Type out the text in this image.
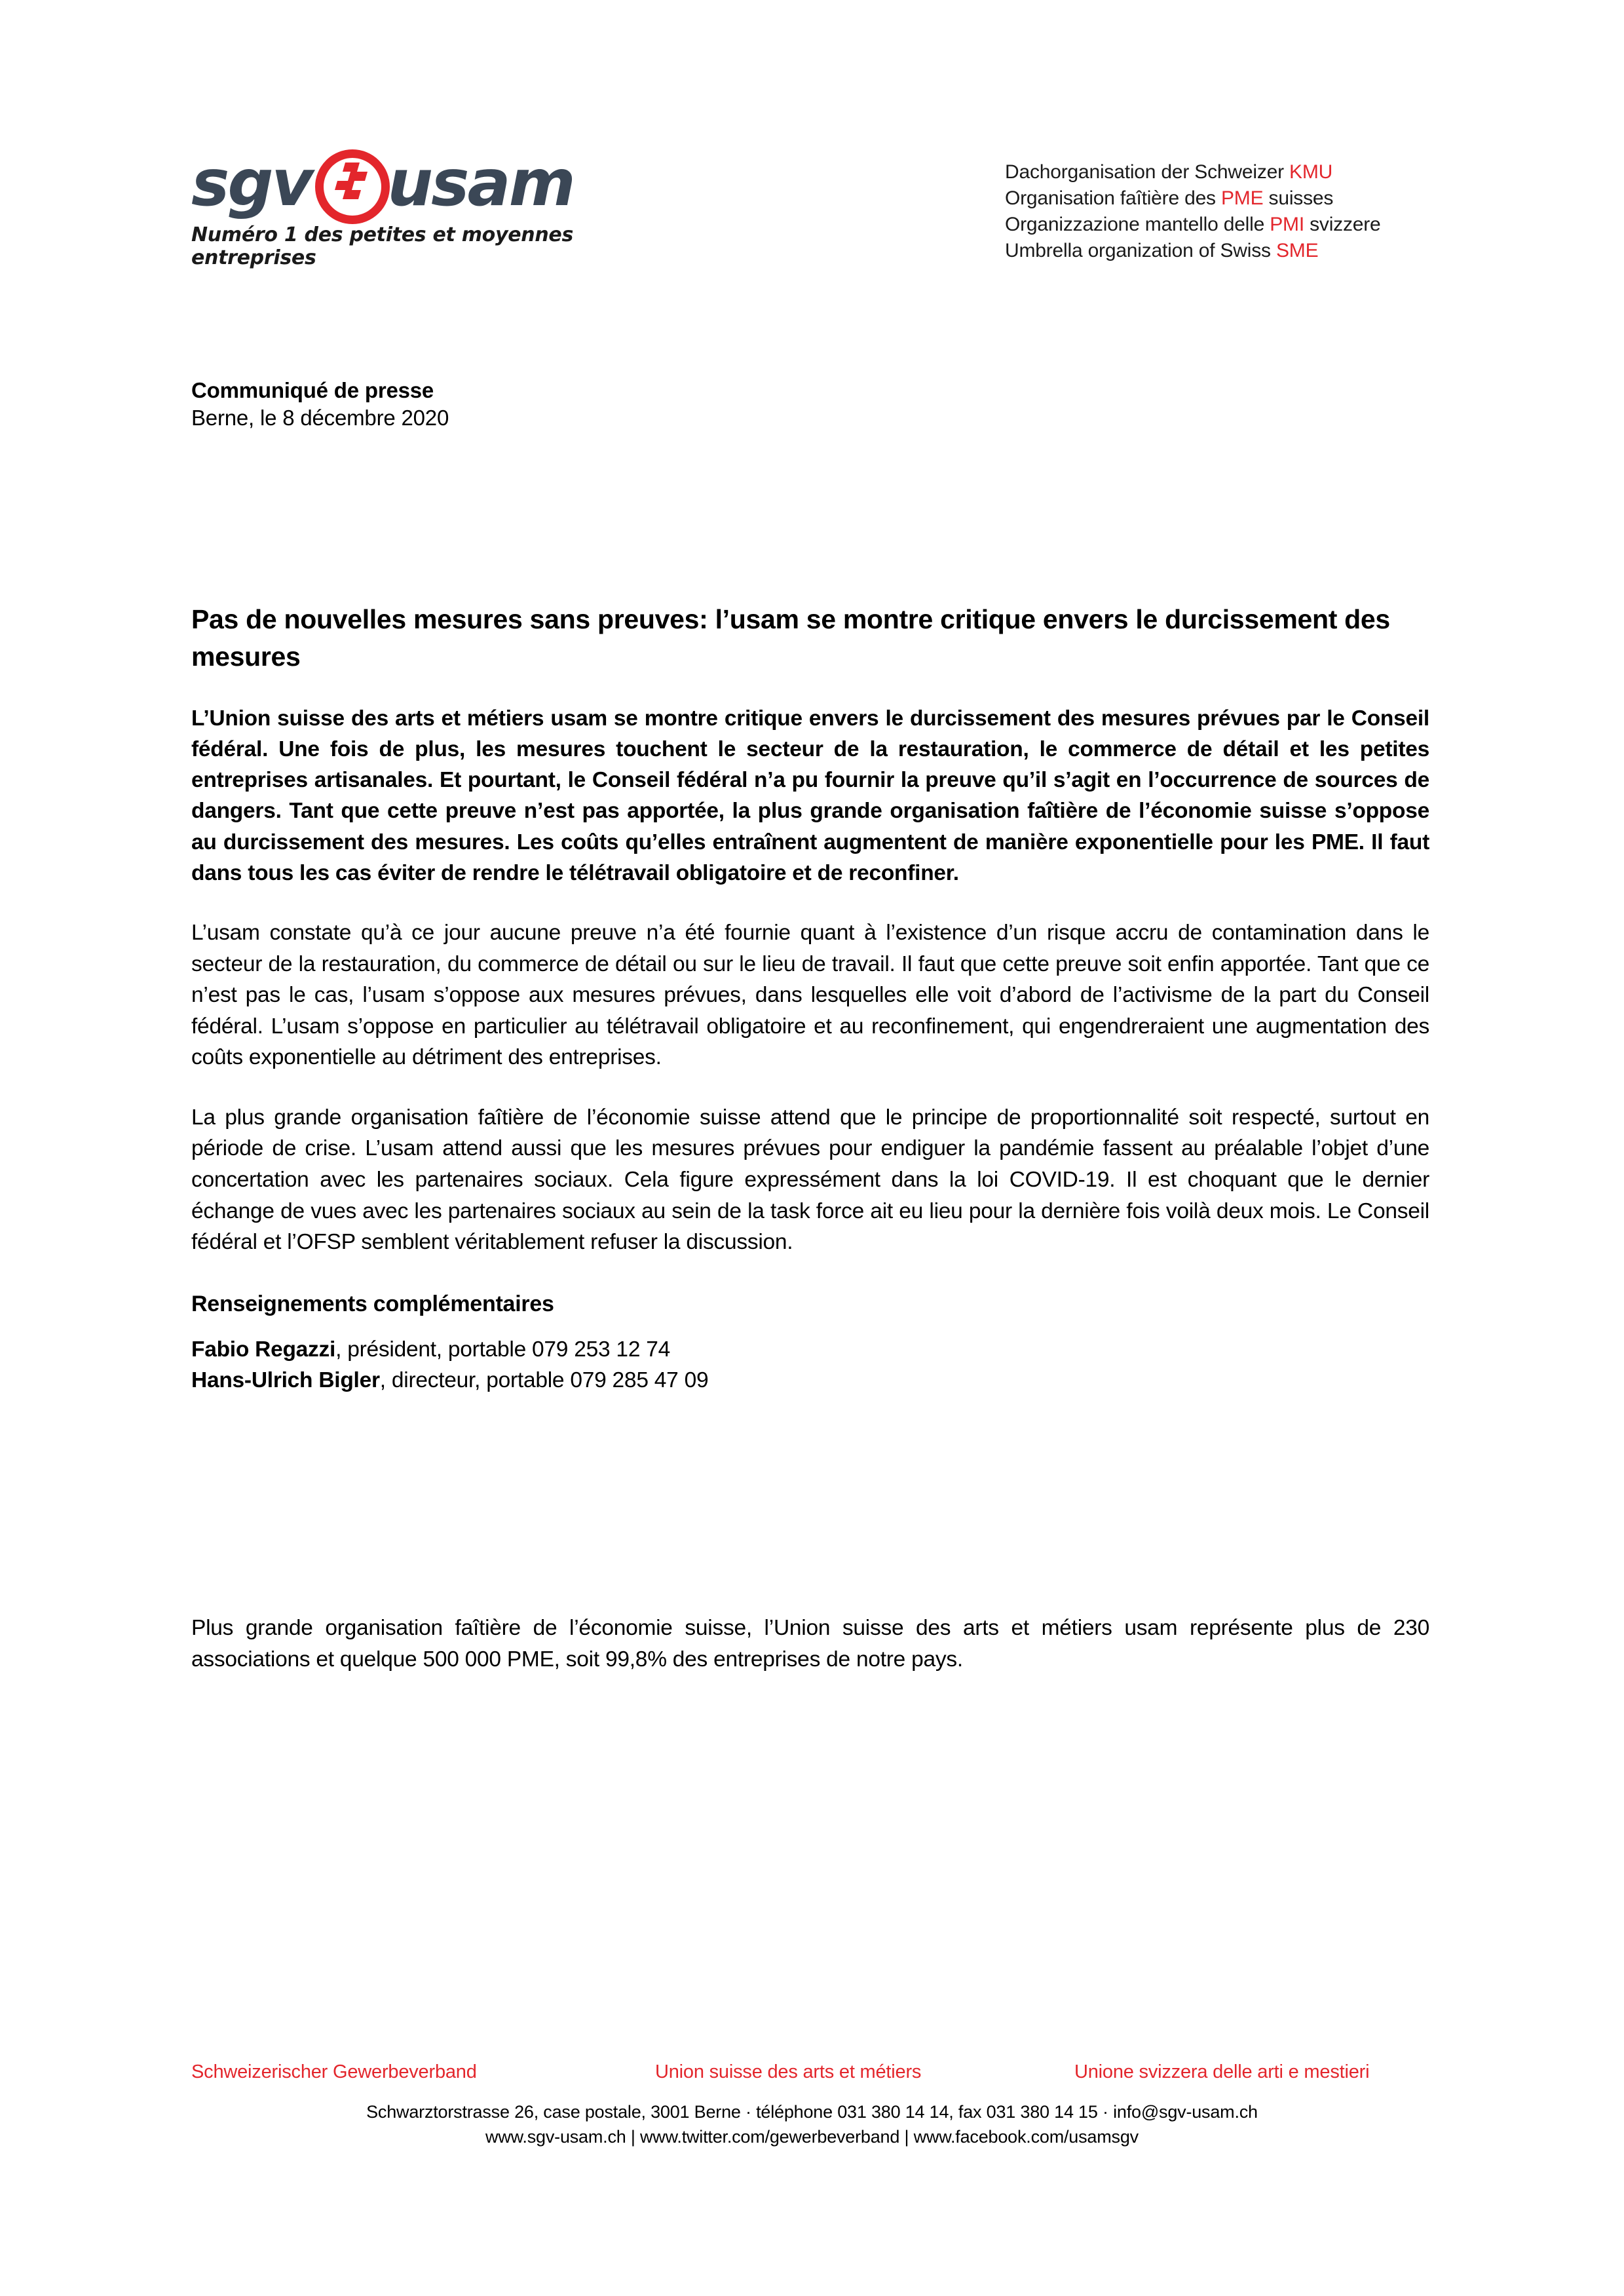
sgv usam
Numéro 1 des petites et moyennes entreprises
Dachorganisation der Schweizer KMU
Organisation faîtière des PME suisses
Organizzazione mantello delle PMI svizzere
Umbrella organization of Swiss SME
Communiqué de presse
Berne, le 8 décembre 2020
Pas de nouvelles mesures sans preuves: l’usam se montre critique envers le durcissement des mesures

L’Union suisse des arts et métiers usam se montre critique envers le durcissement des mesures prévues par le Conseil fédéral. Une fois de plus, les mesures touchent le secteur de la restauration, le commerce de détail et les petites entreprises artisanales. Et pourtant, le Conseil fédéral n’a pu fournir la preuve qu’il s’agit en l’occurrence de sources de dangers. Tant que cette preuve n’est pas apportée, la plus grande organisation faîtière de l’économie suisse s’oppose au durcissement des mesures. Les coûts qu’elles entraînent augmentent de manière exponentielle pour les PME. Il faut dans tous les cas éviter de rendre le télétravail obligatoire et de reconfiner.

L’usam constate qu’à ce jour aucune preuve n’a été fournie quant à l’existence d’un risque accru de contamination dans le secteur de la restauration, du commerce de détail ou sur le lieu de travail. Il faut que cette preuve soit enfin apportée. Tant que ce n’est pas le cas, l’usam s’oppose aux mesures prévues, dans lesquelles elle voit d’abord de l’activisme de la part du Conseil fédéral. L’usam s’oppose en particulier au télétravail obligatoire et au reconfinement, qui engendreraient une augmentation des coûts exponentielle au détriment des entreprises.

La plus grande organisation faîtière de l’économie suisse attend que le principe de proportionnalité soit respecté, surtout en période de crise. L’usam attend aussi que les mesures prévues pour endiguer la pandémie fassent au préalable l’objet d’une concertation avec les partenaires sociaux. Cela figure expressément dans la loi COVID-19. Il est choquant que le dernier échange de vues avec les partenaires sociaux au sein de la task force ait eu lieu pour la dernière fois voilà deux mois. Le Conseil fédéral et l’OFSP semblent véritablement refuser la discussion.

Renseignements complémentaires
Fabio Regazzi, président, portable 079 253 12 74
Hans-Ulrich Bigler, directeur, portable 079 285 47 09

Plus grande organisation faîtière de l’économie suisse, l’Union suisse des arts et métiers usam représente plus de 230 associations et quelque 500 000 PME, soit 99,8% des entreprises de notre pays.

Schweizerischer Gewerbeverband	Union suisse des arts et métiers	Unione svizzera delle arti e mestieri
Schwarztorstrasse 26, case postale, 3001 Berne · téléphone 031 380 14 14, fax 031 380 14 15 · info@sgv-usam.ch
www.sgv-usam.ch | www.twitter.com/gewerbeverband | www.facebook.com/usamsgv
